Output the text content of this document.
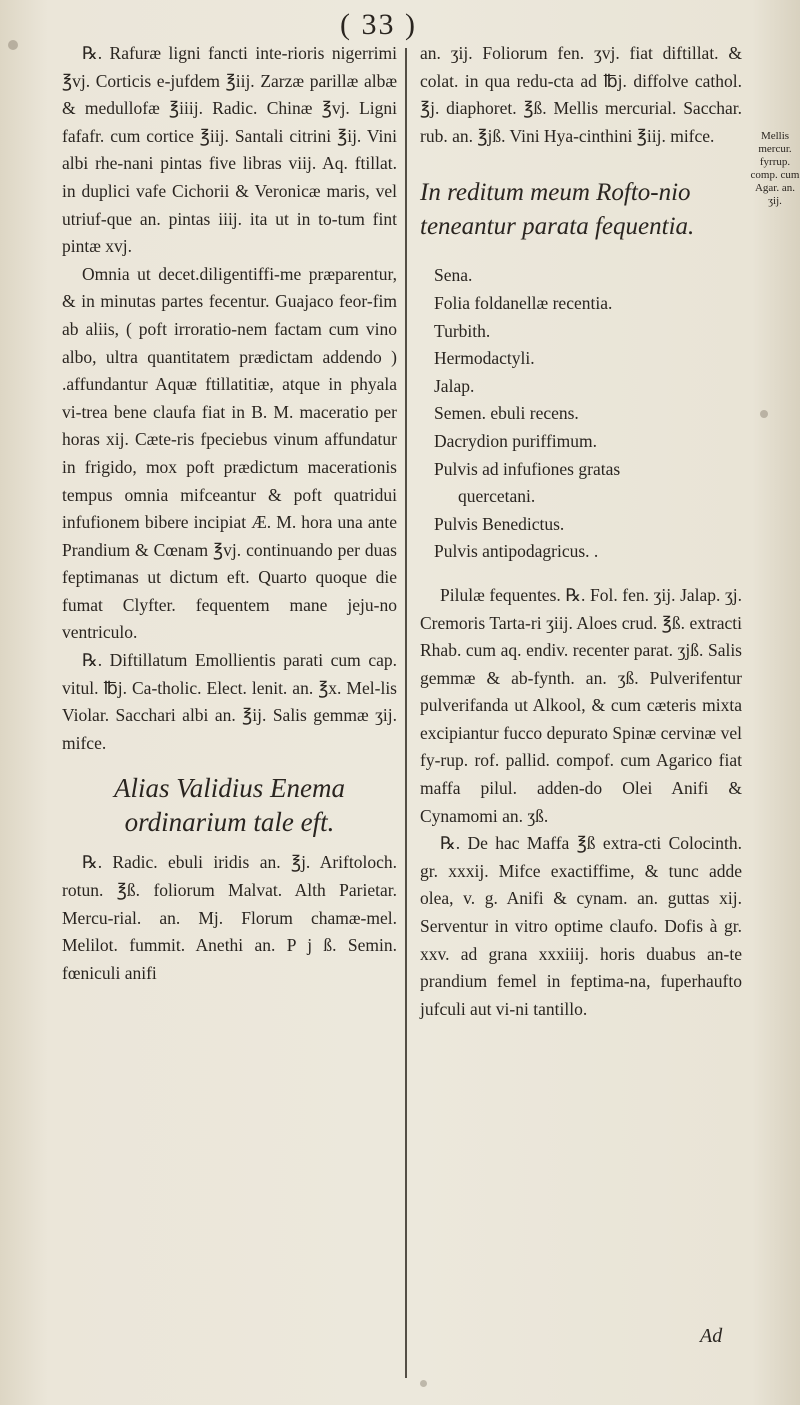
( 33 )

℞. Rafuræ ligni fancti inte-rioris nigerrimi ℥vj. Corticis e-jufdem ℥iij. Zarzæ parillæ albæ & medullofæ ℥iiij. Radic. Chinæ ℥vj. Ligni fafafr. cum cortice ℥iij. Santali citrini ℥ij. Vini albi rhe-nani pintas five libras viij. Aq. ftillat. in duplici vafe Cichorii & Veronicæ maris, vel utriuf-que an. pintas iiij. ita ut in to-tum fint pintæ xvj.

Omnia ut decet.diligentiffi-me præparentur, & in minutas partes fecentur. Guajaco feor-fim ab aliis, ( poft irroratio-nem factam cum vino albo, ultra quantitatem prædictam addendo ) .affundantur Aquæ ftillatitiæ, atque in phyala vi-trea bene claufa fiat in B. M. maceratio per horas xij. Cæte-ris fpeciebus vinum affundatur in frigido, mox poft prædictum macerationis tempus omnia mifceantur & poft quatridui infufionem bibere incipiat Æ. M. hora una ante Prandium & Cœnam ℥vj. continuando per duas feptimanas ut dictum eft. Quarto quoque die fumat Clyfter. fequentem mane jeju-no ventriculo.

℞. Diftillatum Emollientis parati cum cap. vitul. ℔j. Ca-tholic. Elect. lenit. an. ℥x. Mel-lis Violar. Sacchari albi an. ℥ij. Salis gemmæ ʒij. mifce.

Alias Validius Enema ordinarium tale eft.

℞. Radic. ebuli iridis an. ℥j. Ariftoloch. rotun. ℥ß. foliorum Malvat. Alth Parietar. Mercu-rial. an. Mj. Florum chamæ-mel. Melilot. fummit. Anethi an. P j ß. Semin. fœniculi anifi

an. ʒij. Foliorum fen. ʒvj. fiat diftillat. & colat. in qua redu-cta ad ℔j. diffolve cathol. ℥j. diaphoret. ℥ß. Mellis mercurial. Sacchar. rub. an. ℥jß. Vini Hya-cinthini ℥iij. mifce.

In reditum meum Rofto-nio teneantur parata fequentia.
Sena.
Folia foldanellæ recentia.
Turbith.
Hermodactyli.
Jalap.
Semen. ebuli recens.
Dacrydion puriffimum.
Pulvis ad infufiones gratas
quercetani.
Pulvis Benedictus.
Pulvis antipodagricus. .

Pilulæ fequentes. ℞. Fol. fen. ʒij. Jalap. ʒj. Cremoris Tarta-ri ʒiij. Aloes crud. ℥ß. extracti Rhab. cum aq. endiv. recenter parat. ʒjß. Salis gemmæ & ab-fynth. an. ʒß. Pulverifentur pulverifanda ut Alkool, & cum cæteris mixta excipiantur fucco depurato Spinæ cervinæ vel fy-rup. rof. pallid. compof. cum Agarico fiat maffa pilul. adden-do Olei Anifi & Cynamomi an. ʒß.

℞. De hac Maffa ℥ß extra-cti Colocinth. gr. xxxij. Mifce exactiffime, & tunc adde olea, v. g. Anifi & cynam. an. guttas xij. Serventur in vitro optime claufo. Dofis à gr. xxv. ad grana xxxiiij. horis duabus an-te prandium femel in feptima-na, fuperhaufto jufculi aut vi-ni tantillo.

Mellis mercur. fyrrup. comp. cum Agar. an. ʒij.
Ad
